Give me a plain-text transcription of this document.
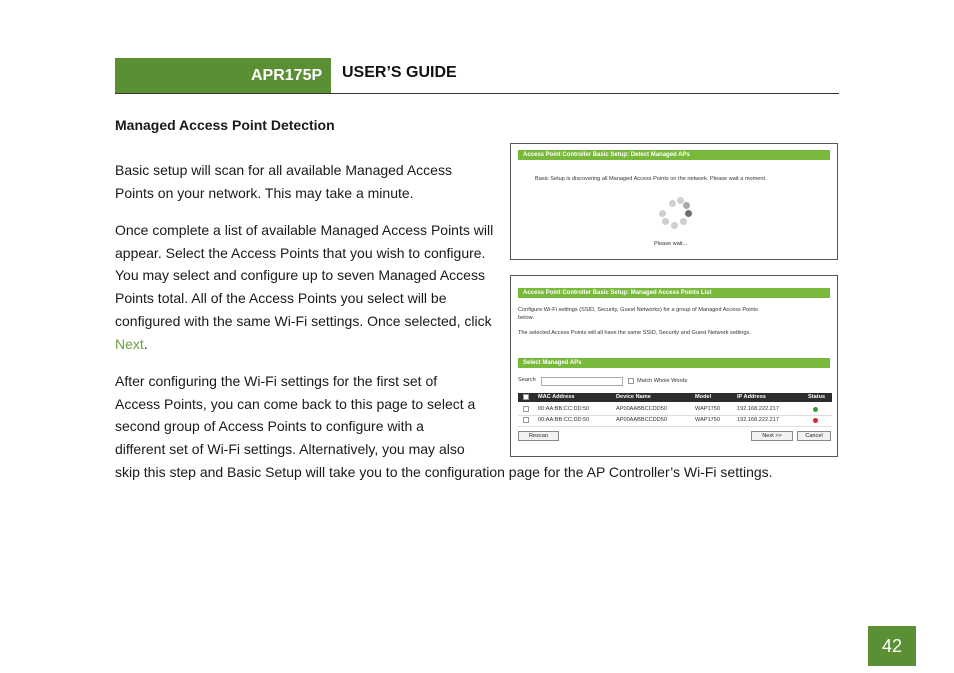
APR175P	USER’S GUIDE
Managed Access Point Detection
Basic setup will scan for all available Managed Access Points on your network. This may take a minute.
Once complete a list of available Managed Access Points will appear. Select the Access Points that you wish to configure. You may select and configure up to seven Managed Access Points total. All of the Access Points you select will be configured with the same Wi-Fi settings. Once selected, click Next.
After configuring the Wi-Fi settings for the first set of
Access Points, you can come back to this page to select a
second group of Access Points to configure with a
different set of Wi-Fi settings. Alternatively, you may also
skip this step and Basic Setup will take you to the configuration page for the AP Controller’s Wi-Fi settings.
Access Point Controller Basic Setup: Detect Managed APs
Basic Setup is discovering all Managed Access Points on the network. Please wait a moment.
Please wait...
Access Point Controller Basic Setup: Managed Access Points List
Configure Wi-Fi settings (SSID, Security, Guest Networks) for a group of Managed Access Points
below.
The selected Access Points will all have the same SSID, Security and Guest Network settings.
Select Managed APs
Search	Match Whole Words
MAC Address	Device Name	Model	IP Address	Status
00:AA:BB:CC:DD:50	AP00AABBCCDD50	WAP1750	192.168.222.217
00:AA:BB:CC:DD:50	AP00AABBCCDD50	WAP1750	192.168.222.217
Rescan	Next >>	Cancel
42
